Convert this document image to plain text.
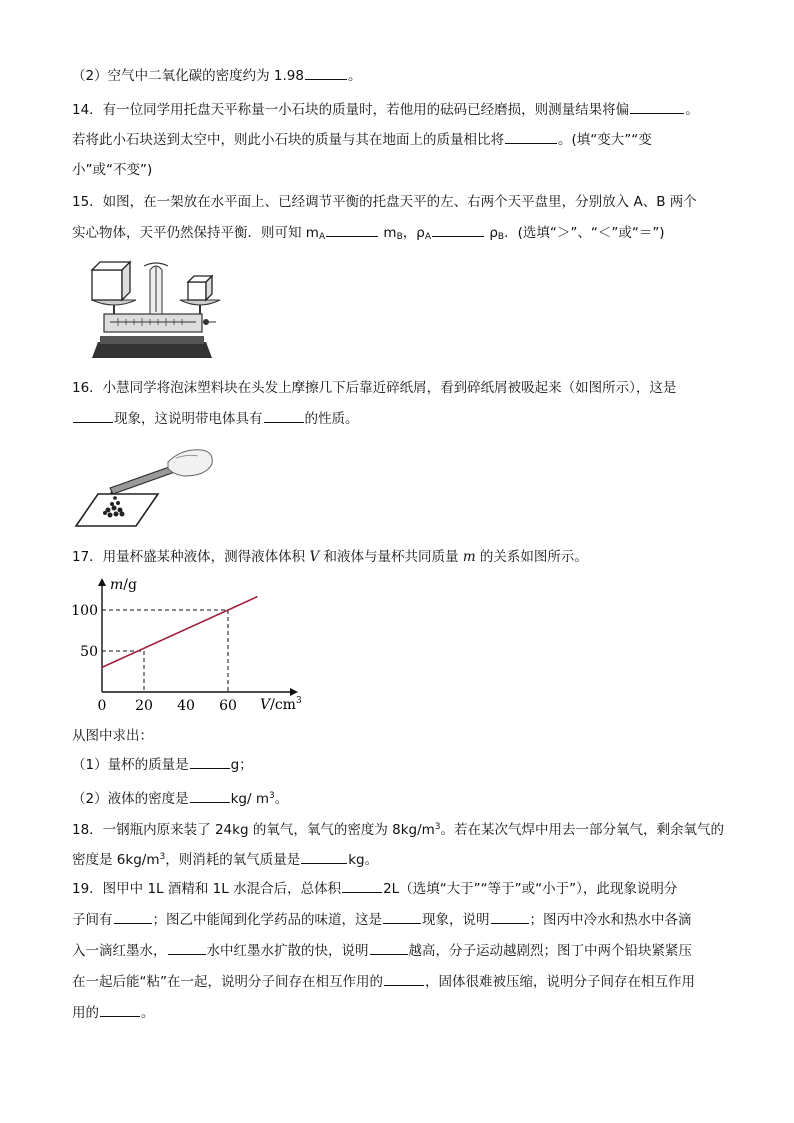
（2）空气中二氧化碳的密度约为 1.98	。
14．有一位同学用托盘天平称量一小石块的质量时，若他用的砝码已经磨损，则测量结果将偏	。
若将此小石块送到太空中，则此小石块的质量与其在地面上的质量相比将	。(填“变大”“变
小”或“不变”)
15．如图，在一架放在水平面上、已经调节平衡的托盘天平的左、右两个天平盘里，分别放入 A、B 两个
实心物体，天平仍然保持平衡．则可知 $m_A$	$m_B$，$\rho_A$	$\rho_B$．(选填“＞”、“＜”或“＝”)
16．小慧同学将泡沫塑料块在头发上摩擦几下后靠近碎纸屑，看到碎纸屑被吸起来（如图所示），这是
现象，这说明带电体具有	的性质。
17．用量杯盛某种液体，测得液体体积 V 和液体与量杯共同质量 m 的关系如图所示。
100
50
0 20 40 60
m/g
$V/cm^3$
从图中求出：
（1）量杯的质量是	g；
（2）液体的密度是	kg/ $m^3$。
18．一钢瓶内原来装了 24kg 的氧气，氧气的密度为 $8kg/m^3$。若在某次气焊中用去一部分氧气，剩余氧气的
密度是 $6kg/m^3$，则消耗的氧气质量是	kg。
19．图甲中 1L 酒精和 1L 水混合后，总体积	2L（选填“大于”“等于”或“小于”），此现象说明分
子间有	；图乙中能闻到化学药品的味道，这是	现象，说明	；图丙中冷水和热水中各滴
入一滴红墨水，	水中红墨水扩散的快，说明	越高，分子运动越剧烈；图丁中两个铅块紧紧压
在一起后能“粘”在一起，说明分子间存在相互作用的	，固体很难被压缩，说明分子间存在相互作用
用的	。
